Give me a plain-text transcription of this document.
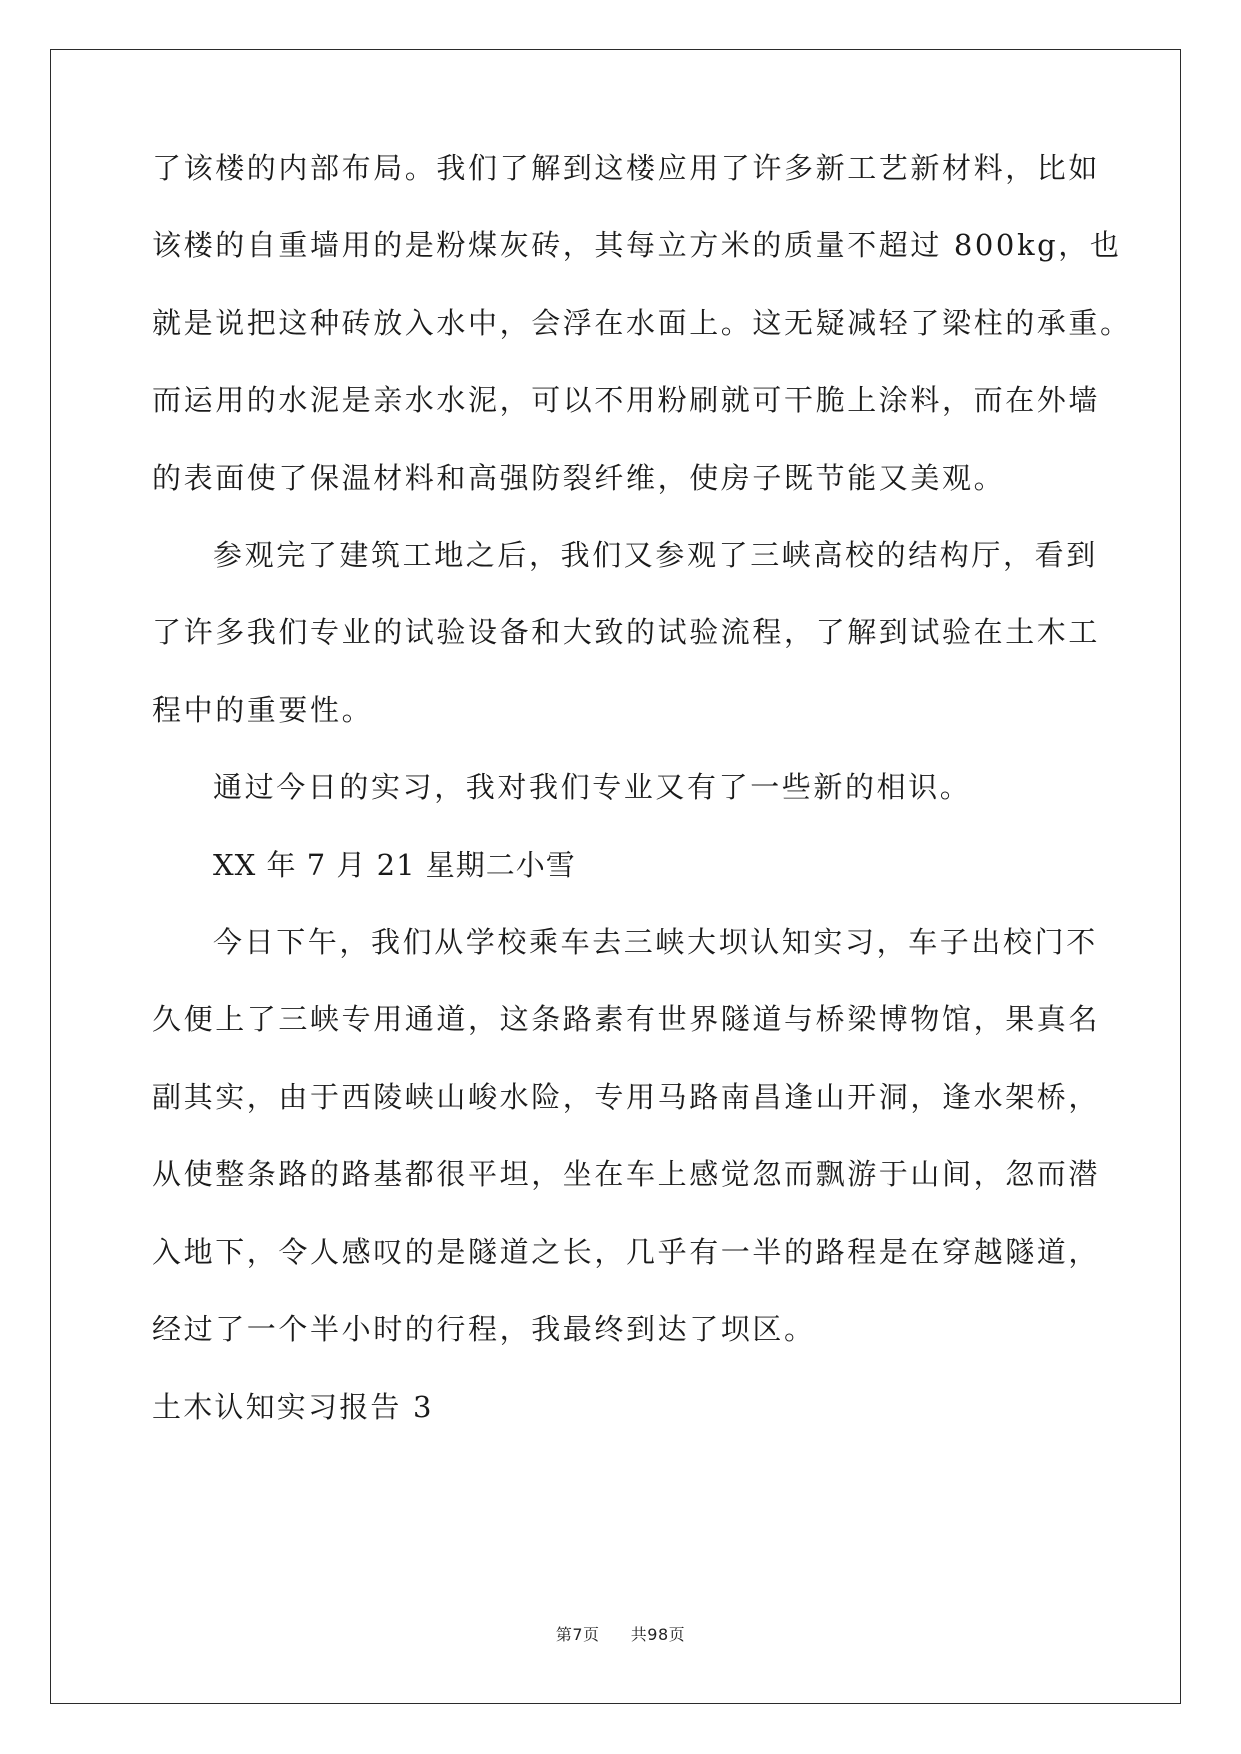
了该楼的内部布局。我们了解到这楼应用了许多新工艺新材料，比如
该楼的自重墙用的是粉煤灰砖，其每立方米的质量不超过 800kg，也
就是说把这种砖放入水中，会浮在水面上。这无疑减轻了梁柱的承重。
而运用的水泥是亲水水泥，可以不用粉刷就可干脆上涂料，而在外墙
的表面使了保温材料和高强防裂纤维，使房子既节能又美观。
参观完了建筑工地之后，我们又参观了三峡高校的结构厅，看到
了许多我们专业的试验设备和大致的试验流程，了解到试验在土木工
程中的重要性。
通过今日的实习，我对我们专业又有了一些新的相识。
XX 年 7 月 21 星期二小雪
今日下午，我们从学校乘车去三峡大坝认知实习，车子出校门不
久便上了三峡专用通道，这条路素有世界隧道与桥梁博物馆，果真名
副其实，由于西陵峡山峻水险，专用马路南昌逢山开洞，逢水架桥，
从使整条路的路基都很平坦，坐在车上感觉忽而飘游于山间，忽而潜
入地下，令人感叹的是隧道之长，几乎有一半的路程是在穿越隧道，
经过了一个半小时的行程，我最终到达了坝区。
土木认知实习报告 3
第7页 共98页
